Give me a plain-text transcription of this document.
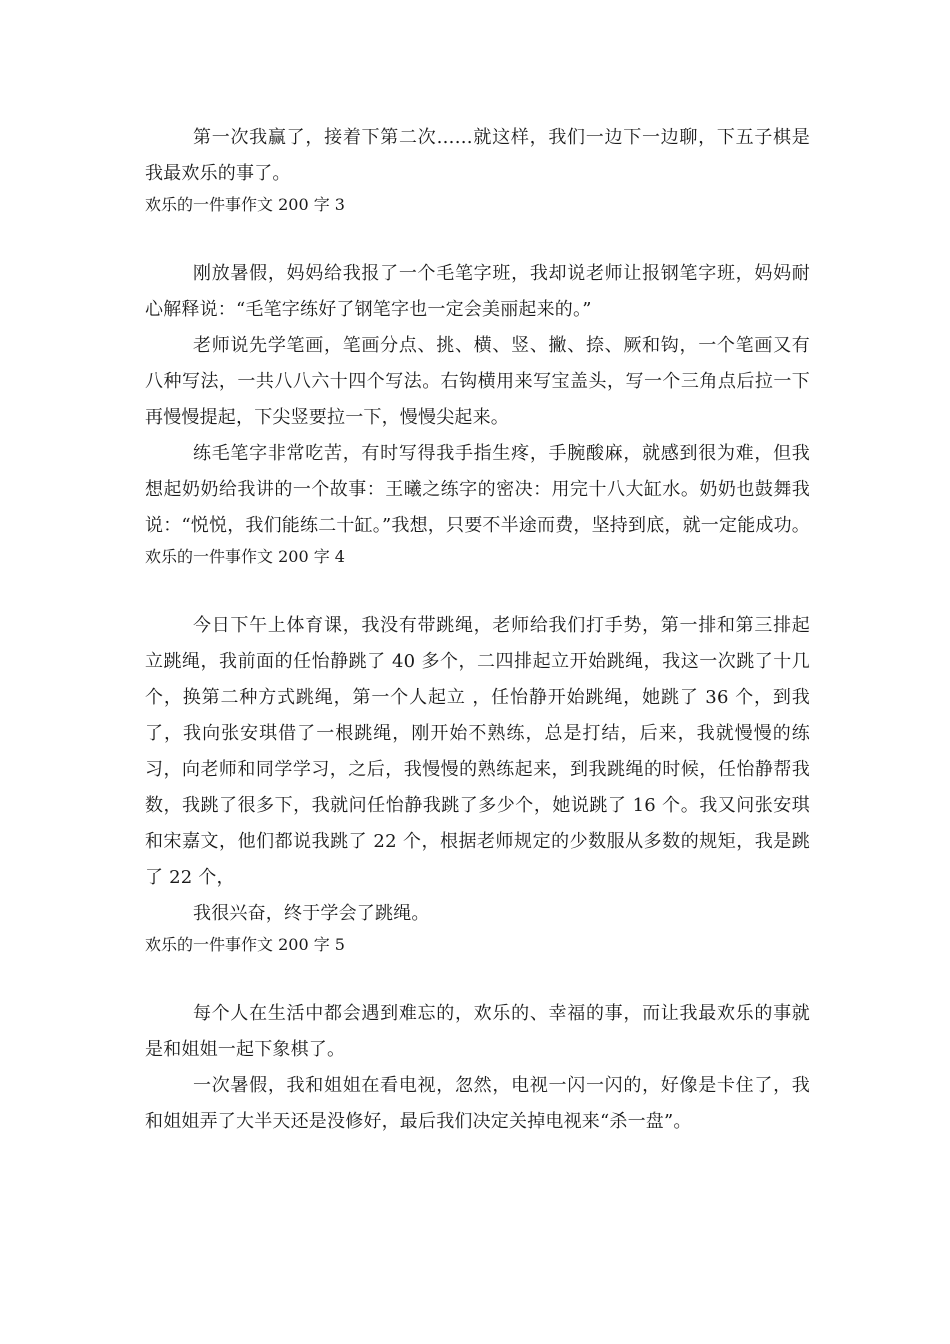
第一次我赢了，接着下第二次……就这样，我们一边下一边聊，下五子棋是我最欢乐的事了。

欢乐的一件事作文 200 字 3

刚放暑假，妈妈给我报了一个毛笔字班，我却说老师让报钢笔字班，妈妈耐心解释说：“毛笔字练好了钢笔字也一定会美丽起来的。”

老师说先学笔画，笔画分点、挑、横、竖、撇、捺、厥和钩，一个笔画又有八种写法，一共八八六十四个写法。右钩横用来写宝盖头，写一个三角点后拉一下再慢慢提起，下尖竖要拉一下，慢慢尖起来。

练毛笔字非常吃苦，有时写得我手指生疼，手腕酸麻，就感到很为难，但我想起奶奶给我讲的一个故事：王曦之练字的密决：用完十八大缸水。奶奶也鼓舞我说：“悦悦，我们能练二十缸。”我想，只要不半途而费，坚持到底，就一定能成功。

欢乐的一件事作文 200 字 4

今日下午上体育课，我没有带跳绳，老师给我们打手势，第一排和第三排起立跳绳，我前面的任怡静跳了 40 多个，二四排起立开始跳绳，我这一次跳了十几个，换第二种方式跳绳，第一个人起立 ，任怡静开始跳绳，她跳了 36 个，到我了，我向张安琪借了一根跳绳，刚开始不熟练，总是打结，后来，我就慢慢的练习，向老师和同学学习，之后，我慢慢的熟练起来，到我跳绳的时候，任怡静帮我 数，我跳了很多下，我就问任怡静我跳了多少个，她说跳了 16 个。我又问张安琪和宋嘉文，他们都说我跳了 22 个，根据老师规定的少数服从多数的规矩，我是跳了 22 个，

我很兴奋，终于学会了跳绳。

欢乐的一件事作文 200 字 5

每个人在生活中都会遇到难忘的，欢乐的、幸福的事，而让我最欢乐的事就是和姐姐一起下象棋了。

一次暑假，我和姐姐在看电视，忽然，电视一闪一闪的，好像是卡住了，我和姐姐弄了大半天还是没修好，最后我们决定关掉电视来“杀一盘”。
